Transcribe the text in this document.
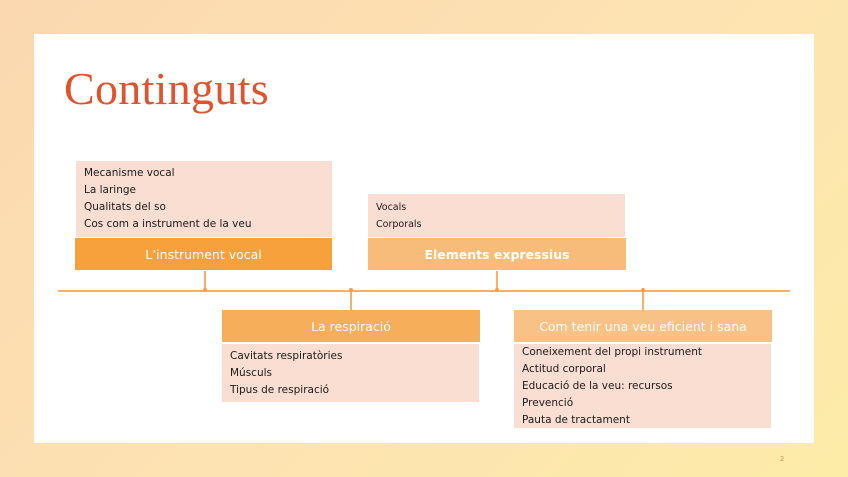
Continguts
Mecanisme vocal
La laringe
Qualitats del so
Cos com a instrument de la veu
L’instrument vocal
La respiració
Cavitats respiratòries
Músculs
Tipus de respiració
Vocals
Corporals
Elements expressius
Com tenir una veu eficient i sana
Coneixement del propi instrument
Actitud corporal
Educació de la veu: recursos
Prevenció
Pauta de tractament
2
